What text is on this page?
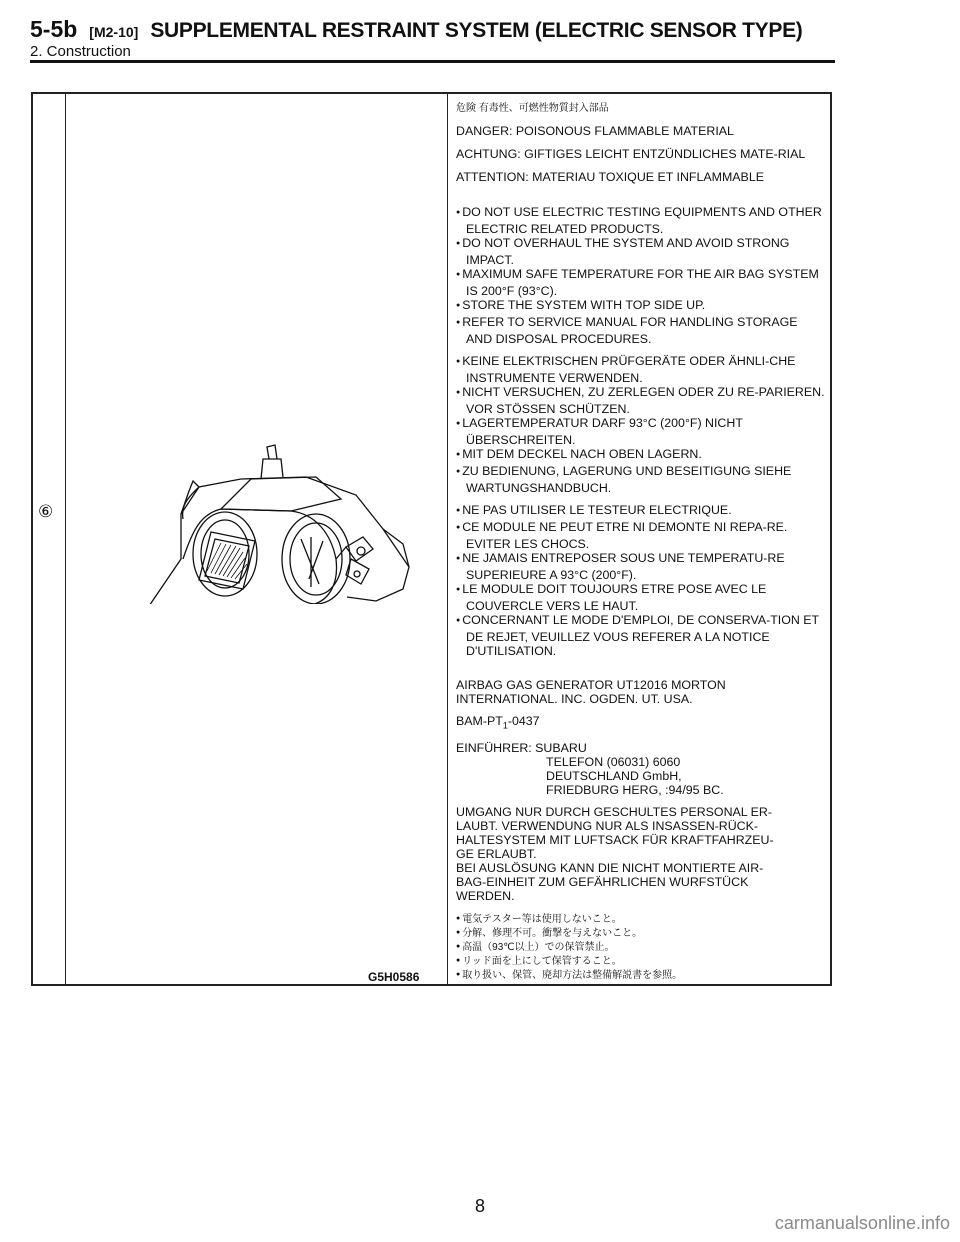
5-5b [M2-10] SUPPLEMENTAL RESTRAINT SYSTEM (ELECTRIC SENSOR TYPE)
2. Construction
⑥
G5H0586

危険 有毒性、可燃性物質封入部品

DANGER: POISONOUS FLAMMABLE MATERIAL

ACHTUNG: GIFTIGES LEICHT ENTZÜNDLICHES MATE-RIAL

ATTENTION: MATERIAU TOXIQUE ET INFLAMMABLE

● DO NOT USE ELECTRIC TESTING EQUIPMENTS AND OTHER ELECTRIC RELATED PRODUCTS.

● DO NOT OVERHAUL THE SYSTEM AND AVOID STRONG IMPACT.

● MAXIMUM SAFE TEMPERATURE FOR THE AIR BAG SYSTEM IS 200°F (93°C).

● STORE THE SYSTEM WITH TOP SIDE UP.

● REFER TO SERVICE MANUAL FOR HANDLING STORAGE AND DISPOSAL PROCEDURES.

● KEINE ELEKTRISCHEN PRÜFGERÄTE ODER ÄHNLI-CHE INSTRUMENTE VERWENDEN.

● NICHT VERSUCHEN, ZU ZERLEGEN ODER ZU RE-PARIEREN. VOR STÖSSEN SCHÜTZEN.

● LAGERTEMPERATUR DARF 93°C (200°F) NICHT ÜBERSCHREITEN.

● MIT DEM DECKEL NACH OBEN LAGERN.

● ZU BEDIENUNG, LAGERUNG UND BESEITIGUNG SIEHE WARTUNGSHANDBUCH.

● NE PAS UTILISER LE TESTEUR ELECTRIQUE.

● CE MODULE NE PEUT ETRE NI DEMONTE NI REPA-RE. EVITER LES CHOCS.

● NE JAMAIS ENTREPOSER SOUS UNE TEMPERATU-RE SUPERIEURE A 93°C (200°F).

● LE MODULE DOIT TOUJOURS ETRE POSE AVEC LE COUVERCLE VERS LE HAUT.

● CONCERNANT LE MODE D'EMPLOI, DE CONSERVA-TION ET DE REJET, VEUILLEZ VOUS REFERER A LA NOTICE D'UTILISATION.

AIRBAG GAS GENERATOR UT12016 MORTON

INTERNATIONAL. INC. OGDEN. UT. USA.

BAM-$PT_1-0437$

EINFÜHRER: SUBARU

TELEFON (06031) 6060

DEUTSCHLAND GmbH,

FRIEDBURG HERG, :94/95 BC.

UMGANG NUR DURCH GESCHULTES PERSONAL ER-

LAUBT. VERWENDUNG NUR ALS INSASSEN-RÜCK-

HALTESYSTEM MIT LUFTSACK FÜR KRAFTFAHRZEU-

GE ERLAUBT.

BEI AUSLÖSUNG KANN DIE NICHT MONTIERTE AIR-

BAG-EINHEIT ZUM GEFÄHRLICHEN WURFSTÜCK

WERDEN.

● 電気テスター等は使用しないこと。

● 分解、修理不可。衝撃を与えないこと。

● 高温（93℃以上）での保管禁止。

● リッド面を上にして保管すること。

● 取り扱い、保管、廃却方法は整備解説書を参照。

8
carmanualsonline.info
